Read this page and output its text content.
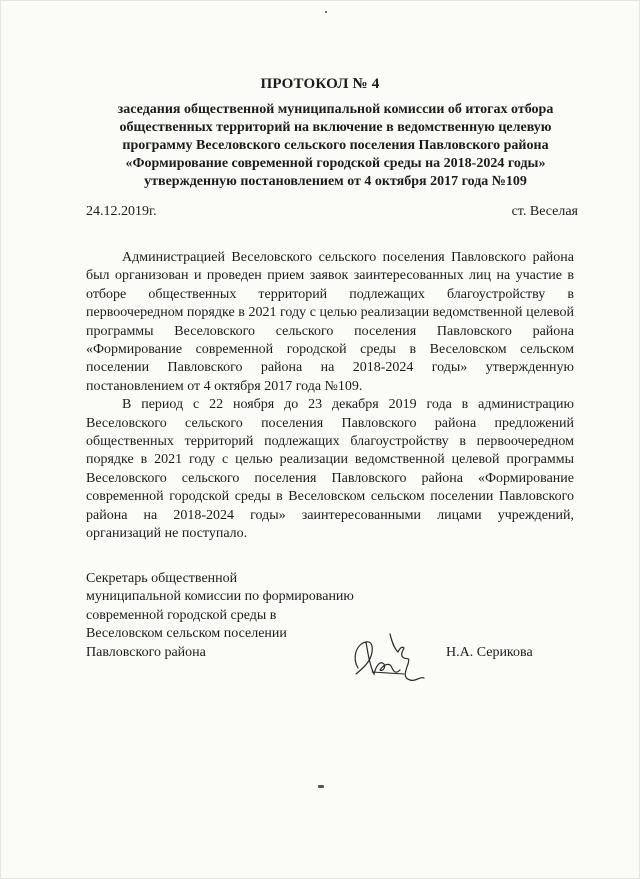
ПРОТОКОЛ № 4
заседания общественной муниципальной комиссии об итогах отбора
общественных территорий на включение в ведомственную целевую
программу Веселовского сельского поселения Павловского района
«Формирование современной городской среды на 2018-2024 годы»
утвержденную постановлением от 4 октября 2017 года №109
24.12.2019г.	ст. Веселая

Администрацией Веселовского сельского поселения Павловского района был организован и проведен прием заявок заинтересованных лиц на участие в отборе общественных территорий подлежащих благоустройству в первоочередном порядке в 2021 году с целью реализации ведомственной целевой программы Веселовского сельского поселения Павловского района «Формирование современной городской среды в Веселовском сельском поселении Павловского района на 2018-2024 годы» утвержденную постановлением от 4 октября 2017 года №109.

В период с 22 ноября до 23 декабря 2019 года в администрацию Веселовского сельского поселения Павловского района предложений общественных территорий подлежащих благоустройству в первоочередном порядке в 2021 году с целью реализации ведомственной целевой программы Веселовского сельского поселения Павловского района «Формирование современной городской среды в Веселовском сельском поселении Павловского района на 2018-2024 годы» заинтересованными лицами учреждений, организаций не поступало.

Секретарь общественной
муниципальной комиссии по формированию
современной городской среды в
Веселовском сельском поселении
Павловского района	Н.А. Серикова
